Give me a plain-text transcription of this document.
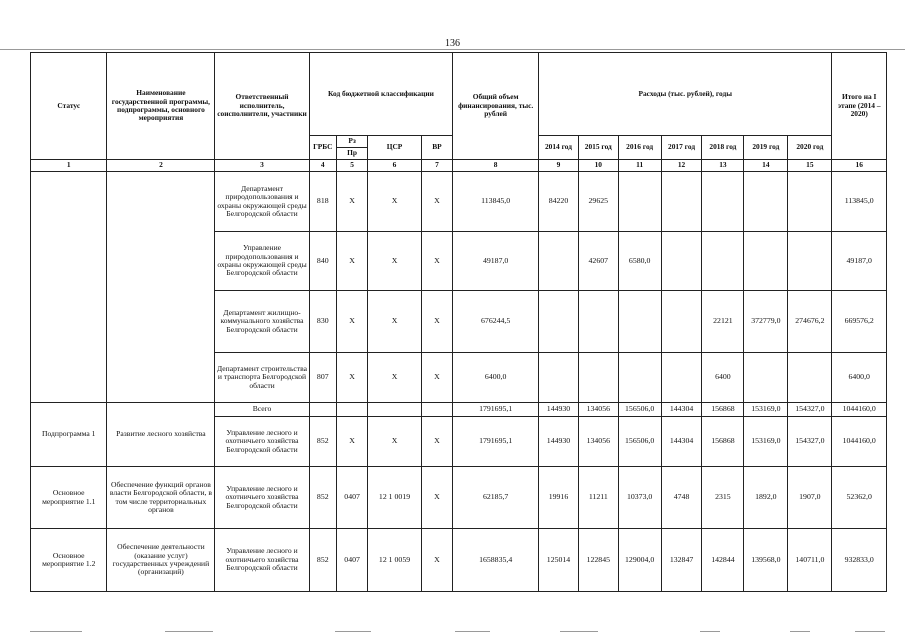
136
Статус	Наименование государственной программы, подпрограммы, основного мероприятия	Ответственный исполнитель, соисполнители, участники	Код бюджетной классификации				Общий объем финансирования, тыс. рублей	Расходы (тыс. рублей), годы							Итого на I этапе (2014 – 2020)
			ГРБС	Рз	ЦСР	ВР		2014 год	2015 год	2016 год	2017 год	2018 год	2019 год	2020 год	
				Пр											
1	2	3	4	5	6	7	8	9	10	11	12	13	14	15	16
		Департамент природопользования и охраны окружающей среды Белгородской области	818	X	X	X	113845,0	84220	29625						113845,0
		Управление природопользования и охраны окружающей среды Белгородской области	840	X	X	X	49187,0		42607	6580,0					49187,0
		Департамент жилищно-коммунального хозяйства Белгородской области	830	X	X	X	676244,5					22121	372779,0	274676,2	669576,2
		Департамент строительства и транспорта Белгородской области	807	X	X	X	6400,0					6400			6400,0
Подпрограмма 1	Развитие лесного хозяйства	Всего					1791695,1	144930	134056	156506,0	144304	156868	153169,0	154327,0	1044160,0
		Управление лесного и охотничьего хозяйства Белгородской области	852	X	X	X	1791695,1	144930	134056	156506,0	144304	156868	153169,0	154327,0	1044160,0
Основное мероприятие 1.1	Обеспечение функций органов власти Белгородской области, в том числе территориальных органов	Управление лесного и охотничьего хозяйства Белгородской области	852	0407	12 1 0019	X	62185,7	19916	11211	10373,0	4748	2315	1892,0	1907,0	52362,0
Основное мероприятие 1.2	Обеспечение деятельности (оказание услуг) государственных учреждений (организаций)	Управление лесного и охотничьего хозяйства Белгородской области	852	0407	12 1 0059	X	1658835,4	125014	122845	129004,0	132847	142844	139568,0	140711,0	932833,0
